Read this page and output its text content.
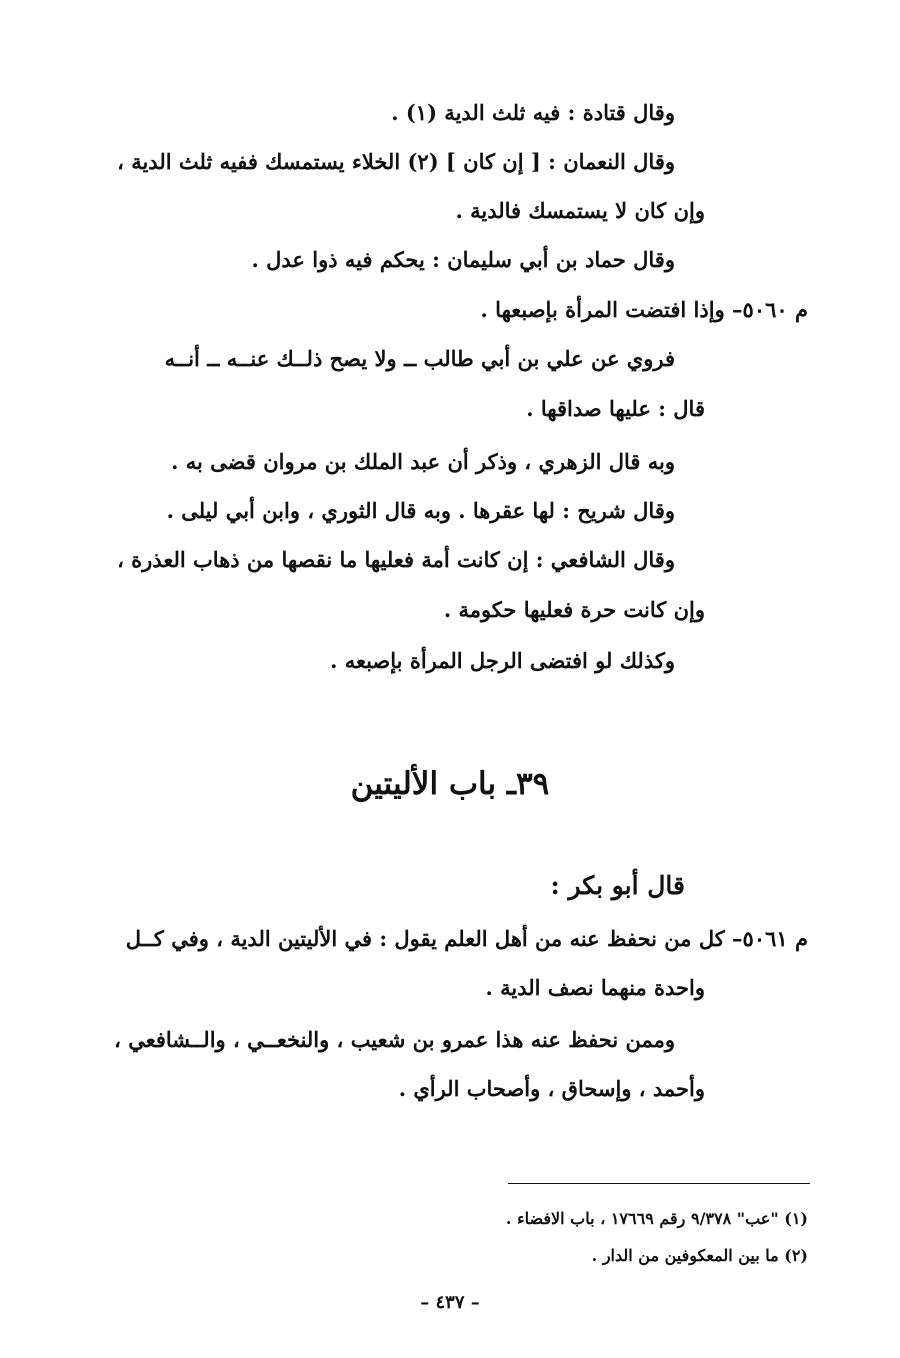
وقال قتادة : فيه ثلث الدية (١) .
وقال النعمان : [ إن كان ] (٢) الخلاء يستمسك ففيه ثلث الدية ،
وإن كان لا يستمسك فالدية .
وقال حماد بن أبي سليمان : يحكم فيه ذوا عدل .
م ٥٠٦٠– وإذا افتضت المرأة بإصبعها .
فروي عن علي بن أبي طالب ــ ولا يصح ذلــك عنــه ــ أنــه
قال : عليها صداقها .
وبه قال الزهري ، وذكر أن عبد الملك بن مروان قضى به .
وقال شريح : لها عقرها . وبه قال الثوري ، وابن أبي ليلى .
وقال الشافعي : إن كانت أمة فعليها ما نقصها من ذهاب العذرة ،
وإن كانت حرة فعليها حكومة .
وكذلك لو افتضى الرجل المرأة بإصبعه .
٣٩ـ باب الأليتين
قال أبو بكر :
م ٥٠٦١– كل من نحفظ عنه من أهل العلم يقول : في الأليتين الدية ، وفي كــل
واحدة منهما نصف الدية .
وممن نحفظ عنه هذا عمرو بن شعيب ، والنخعــي ، والــشافعي ،
وأحمد ، وإسحاق ، وأصحاب الرأي .
(١) "عب" ٩/٣٧٨ رقم ١٧٦٦٩ ، باب الافضاء .
(٢) ما بين المعكوفين من الدار .
– ٤٣٧ –
